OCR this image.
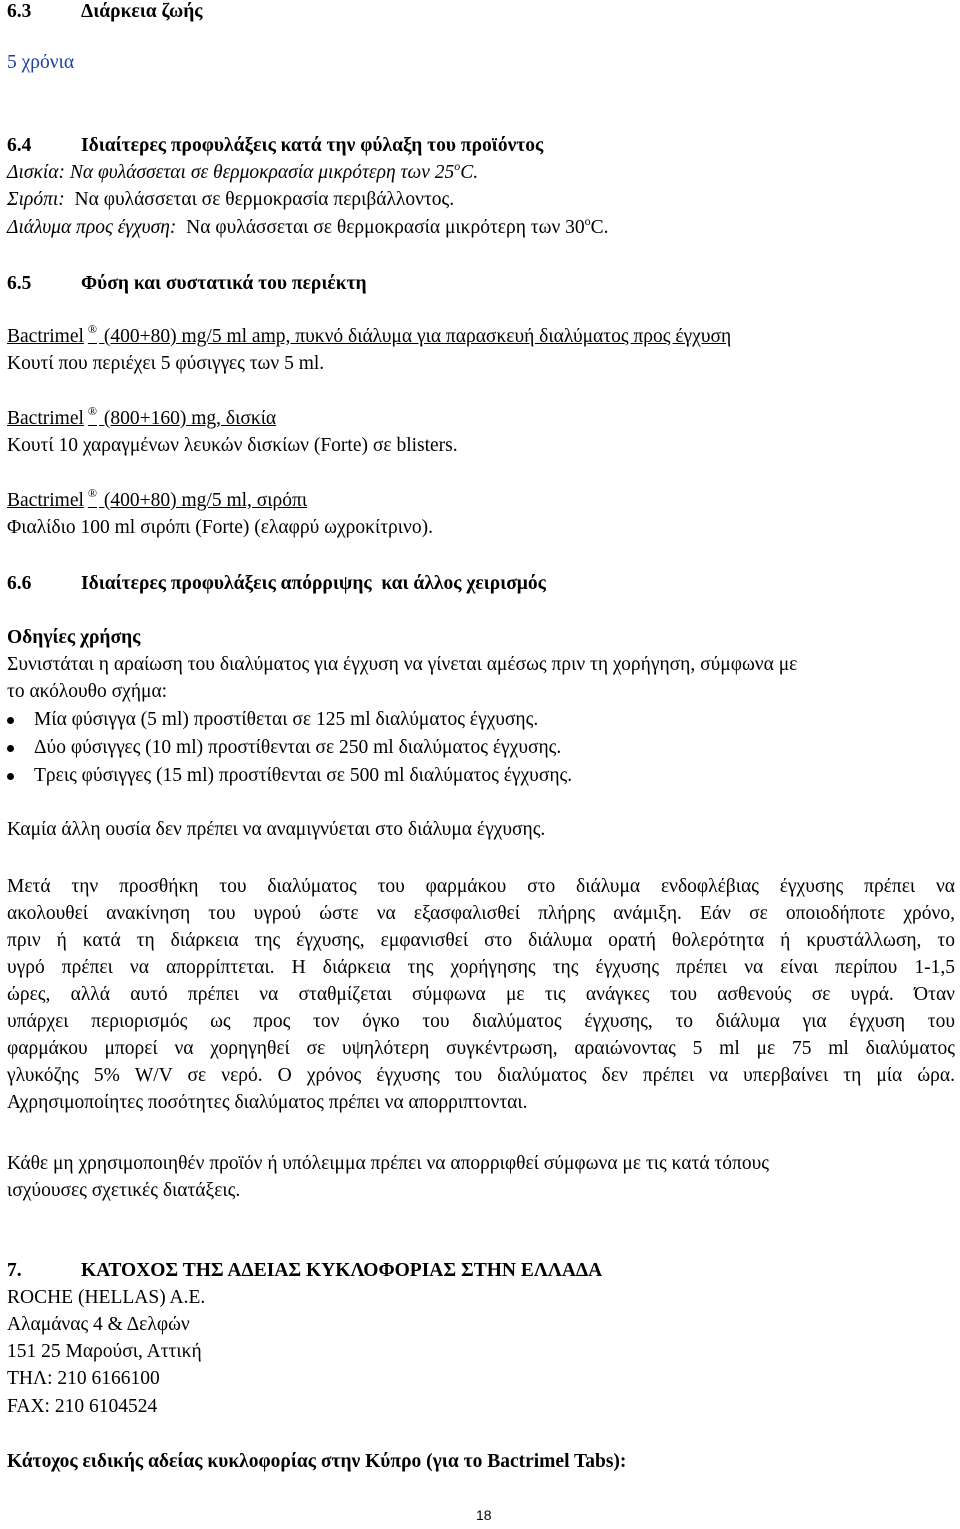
6.3	Διάρκεια ζωής
5 χρόνια
6.4	Ιδιαίτερες προφυλάξεις κατά την φύλαξη του προϊόντος
Δισκία: Να φυλάσσεται σε θερμοκρασία μικρότερη των 25$^o$C.
Σιρόπι: Να φυλάσσεται σε θερμοκρασία περιβάλλοντος.
Διάλυμα προς έγχυση: Να φυλάσσεται σε θερμοκρασία μικρότερη των 30$^o$C.
6.5	Φύση και συστατικά του περιέκτη
Bactrimel ® (400+80) mg/5 ml amp, πυκνό διάλυμα για παρασκευή διαλύματος προς έγχυση
Κουτί που περιέχει 5 φύσιγγες των 5 ml.
Bactrimel ® (800+160) mg, δισκία
Κουτί 10 χαραγμένων λευκών δισκίων (Forte) σε blisters.
Bactrimel ® (400+80) mg/5 ml, σιρόπι
Φιαλίδιο 100 ml σιρόπι (Forte) (ελαφρύ ωχροκίτρινο).
6.6	Ιδιαίτερες προφυλάξεις απόρριψης  και άλλος χειρισμός
Οδηγίες χρήσης
Συνιστάται η αραίωση του διαλύματος για έγχυση να γίνεται αμέσως πριν τη χορήγηση, σύμφωνα με
το ακόλουθο σχήμα:
Μία φύσιγγα (5 ml) προστίθεται σε 125 ml διαλύματος έγχυσης.
Δύο φύσιγγες (10 ml) προστίθενται σε 250 ml διαλύματος έγχυσης.
Τρεις φύσιγγες (15 ml) προστίθενται σε 500 ml διαλύματος έγχυσης.
Καμία άλλη ουσία δεν πρέπει να αναμιγνύεται στο διάλυμα έγχυσης.
Μετά την προσθήκη του διαλύματος του φαρμάκου στο διάλυμα ενδοφλέβιας έγχυσης πρέπει να
ακολουθεί ανακίνηση του υγρού ώστε να εξασφαλισθεί πλήρης ανάμιξη. Εάν σε οποιοδήποτε χρόνο,
πριν ή κατά τη διάρκεια της έγχυσης, εμφανισθεί στο διάλυμα ορατή θολερότητα ή κρυστάλλωση, το
υγρό πρέπει να απορρίπτεται. Η διάρκεια της χορήγησης της έγχυσης πρέπει να είναι περίπου 1-1,5
ώρες, αλλά αυτό πρέπει να σταθμίζεται σύμφωνα με τις ανάγκες του ασθενούς σε υγρά. Όταν
υπάρχει περιορισμός ως προς τον όγκο του διαλύματος έγχυσης, το διάλυμα για έγχυση του
φαρμάκου μπορεί να χορηγηθεί σε υψηλότερη συγκέντρωση, αραιώνοντας 5 ml με 75 ml διαλύματος
γλυκόζης 5% W/V σε νερό. Ο χρόνος έγχυσης του διαλύματος δεν πρέπει να υπερβαίνει τη μία ώρα.
Αχρησιμοποίητες ποσότητες διαλύματος πρέπει να απορριπτονται.
Κάθε μη χρησιμοποιηθέν προϊόν ή υπόλειμμα πρέπει να απορριφθεί σύμφωνα με τις κατά τόπους
ισχύουσες σχετικές διατάξεις.
7.	ΚΑΤΟΧΟΣ ΤΗΣ ΑΔΕΙΑΣ ΚΥΚΛΟΦΟΡΙΑΣ ΣΤΗΝ ΕΛΛΑΔΑ
ROCHE (HELLAS) A.E.
Αλαμάνας 4 & Δελφών
151 25 Μαρούσι, Αττική
ΤΗΛ: 210 6166100
FAX: 210 6104524
Κάτοχος ειδικής αδείας κυκλοφορίας στην Κύπρο (για το Bactrimel Tabs):
18
